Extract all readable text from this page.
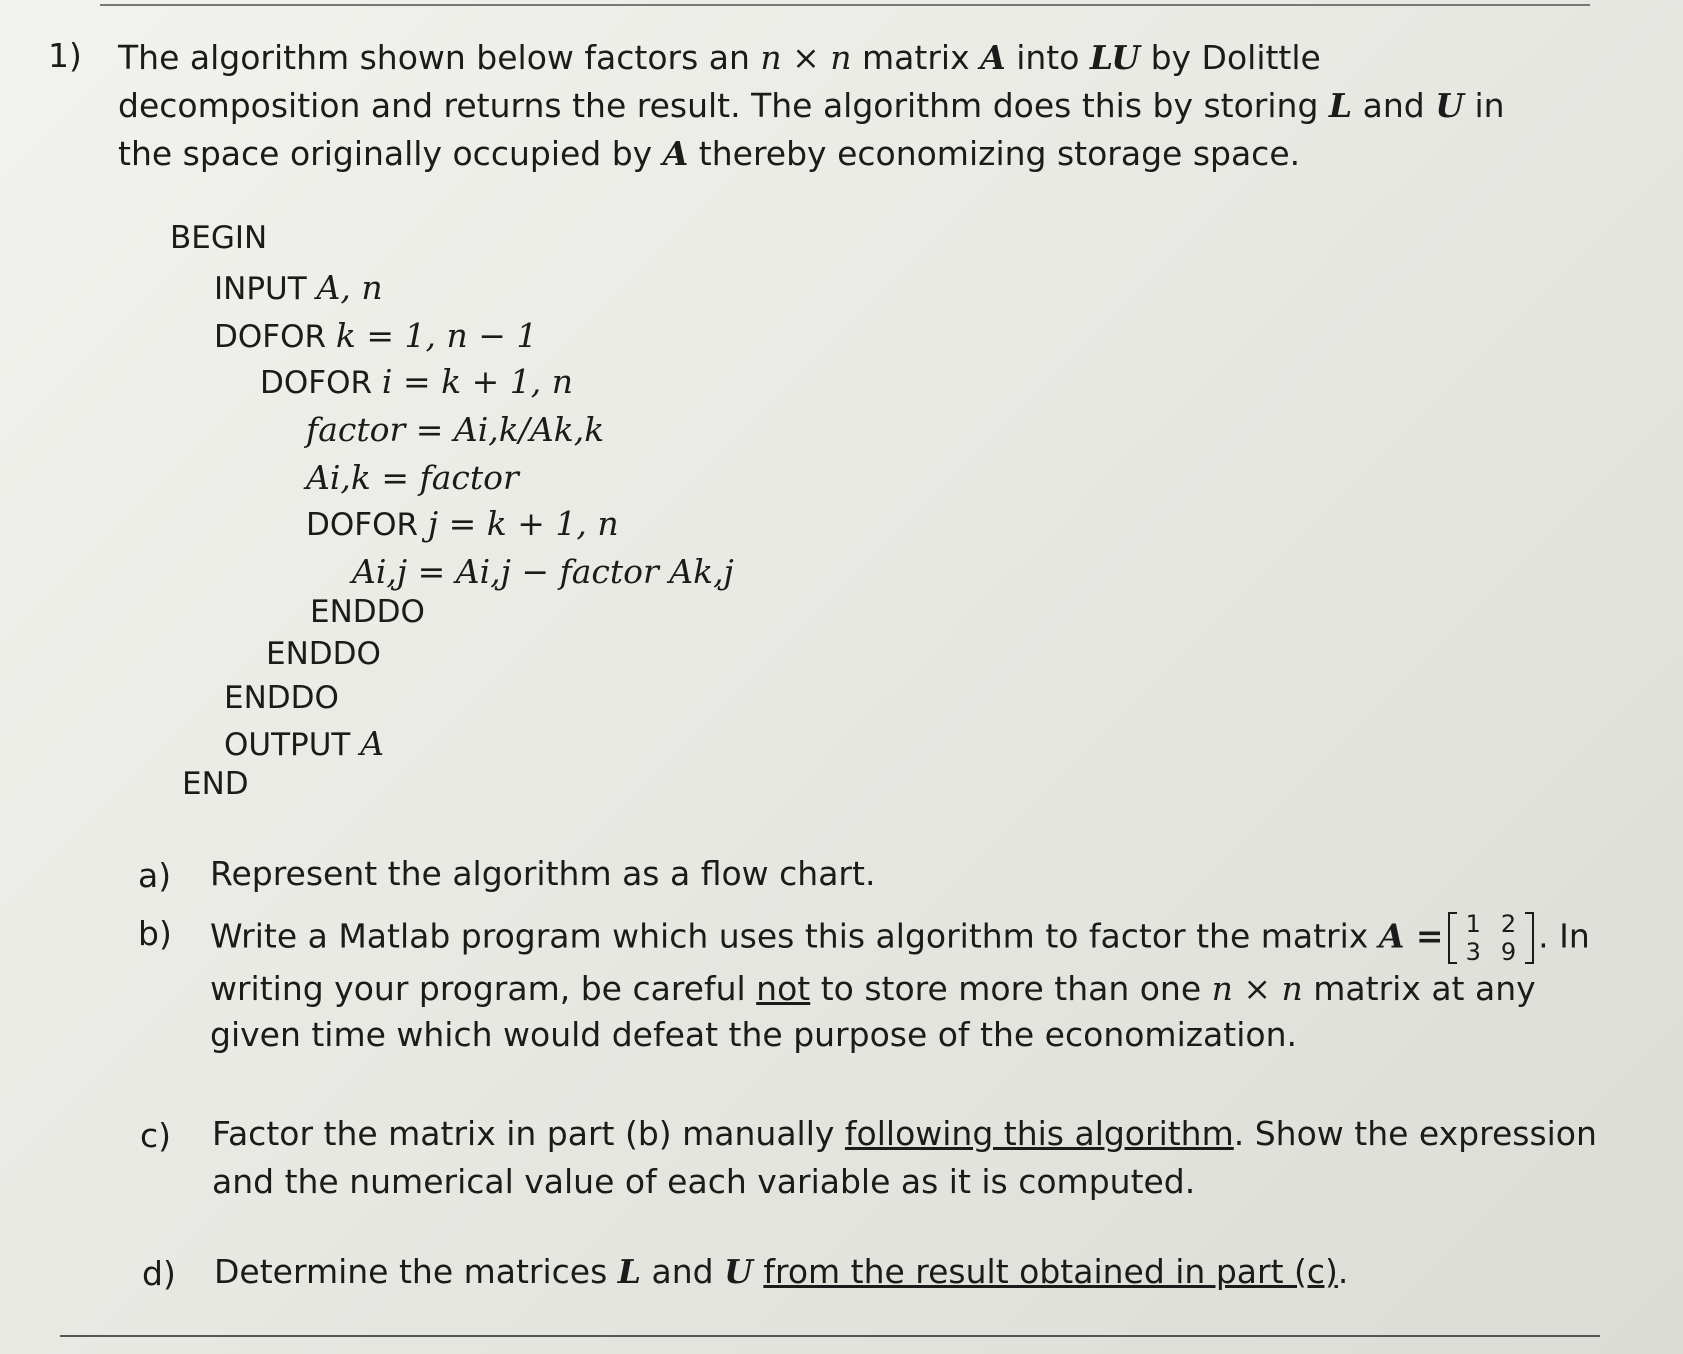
1) The algorithm shown below factors an n × n matrix A into LU by Dolittle decomposition and returns the result. The algorithm does this by storing L and U in the space originally occupied by A thereby economizing storage space.
BEGIN
INPUT A, n
DOFOR k = 1, n − 1
DOFOR i = k + 1, n
factor = Ai,k/Ak,k
Ai,k = factor
DOFOR j = k + 1, n
Ai,j = Ai,j − factor Ak,j
ENDDO
ENDDO
ENDDO
OUTPUT A
END
a) Represent the algorithm as a flow chart.
b) Write a Matlab program which uses this algorithm to factor the matrix A = 1	2
3	9 . In writing your program, be careful not to store more than one n × n matrix at any given time which would defeat the purpose of the economization.
c) Factor the matrix in part (b) manually following this algorithm. Show the expression and the numerical value of each variable as it is computed.
d) Determine the matrices L and U from the result obtained in part (c).
